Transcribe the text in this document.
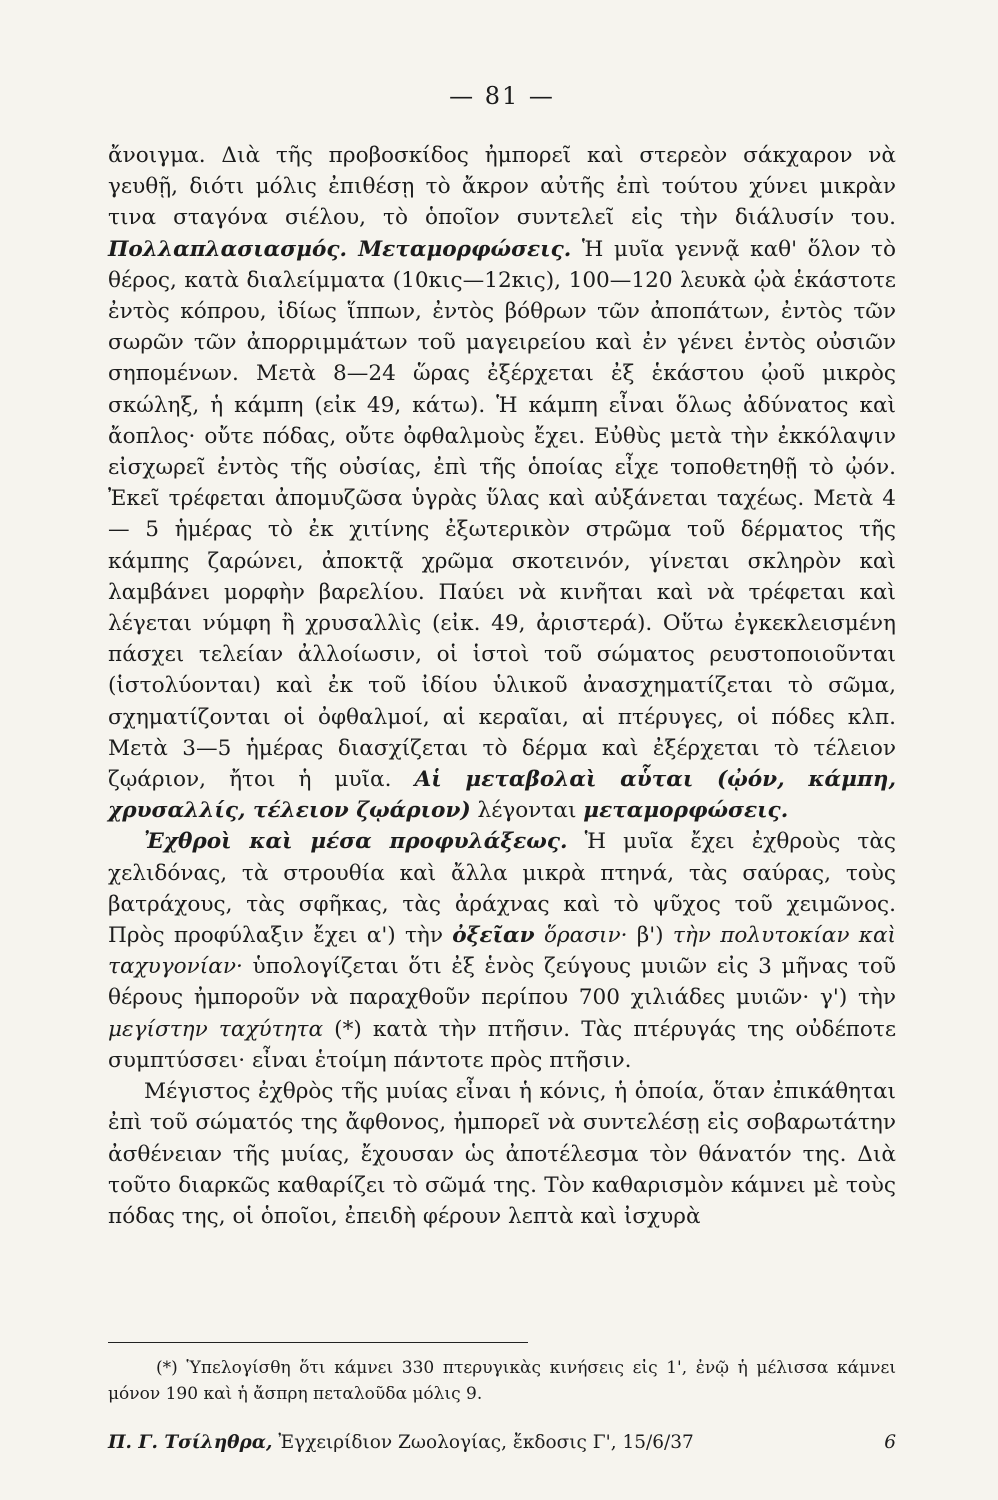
— 81 —

ἄνοιγμα. Διὰ τῆς προβοσκίδος ἠμπορεῖ καὶ στερεὸν σάκχαρον νὰ γευθῇ, διότι μόλις ἐπιθέσῃ τὸ ἄκρον αὐτῆς ἐπὶ τούτου χύνει μικρὰν τινα σταγόνα σιέλου, τὸ ὁποῖον συντελεῖ εἰς τὴν διάλυσίν του. Πολλαπλασιασμός. Μεταμορφώσεις. Ἡ μυῖα γεννᾷ καθ' ὅλον τὸ θέρος, κατὰ διαλείμματα (10κις—12κις), 100—120 λευκὰ ᾠὰ ἑκάστοτε ἐντὸς κόπρου, ἰδίως ἵππων, ἐντὸς βόθρων τῶν ἀποπάτων, ἐντὸς τῶν σωρῶν τῶν ἀπορριμμάτων τοῦ μαγειρείου καὶ ἐν γένει ἐντὸς οὐσιῶν σηπομένων. Μετὰ 8—24 ὥρας ἐξέρχεται ἐξ ἑκάστου ᾠοῦ μικρὸς σκώληξ, ἡ κάμπη (εἰκ 49, κάτω). Ἡ κάμπη εἶναι ὅλως ἀδύνατος καὶ ἄοπλος· οὔτε πόδας, οὔτε ὀφθαλμοὺς ἔχει. Εὐθὺς μετὰ τὴν ἐκκόλαψιν εἰσχωρεῖ ἐντὸς τῆς οὐσίας, ἐπὶ τῆς ὁποίας εἶχε τοποθετηθῇ τὸ ᾠόν. Ἐκεῖ τρέφεται ἀπομυζῶσα ὑγρὰς ὕλας καὶ αὐξάνεται ταχέως. Μετὰ 4 — 5 ἡμέρας τὸ ἐκ χιτίνης ἐξωτερικὸν στρῶμα τοῦ δέρματος τῆς κάμπης ζαρώνει, ἀποκτᾷ χρῶμα σκοτεινόν, γίνεται σκληρὸν καὶ λαμβάνει μορφὴν βαρελίου. Παύει νὰ κινῆται καὶ νὰ τρέφεται καὶ λέγεται νύμφη ἢ χρυσαλλὶς (εἰκ. 49, ἀριστερά). Οὕτω ἐγκεκλεισμένη πάσχει τελείαν ἀλλοίωσιν, οἱ ἱστοὶ τοῦ σώματος ρευστοποιοῦνται (ἱστολύονται) καὶ ἐκ τοῦ ἰδίου ὑλικοῦ ἀνασχηματίζεται τὸ σῶμα, σχηματίζονται οἱ ὀφθαλμοί, αἱ κεραῖαι, αἱ πτέρυγες, οἱ πόδες κλπ. Μετὰ 3—5 ἡμέρας διασχίζεται τὸ δέρμα καὶ ἐξέρχεται τὸ τέλειον ζῳάριον, ἤτοι ἡ μυῖα. Αἱ μεταβολαὶ αὗται (ᾠόν, κάμπη, χρυσαλλίς, τέλειον ζῳάριον) λέγονται μεταμορφώσεις.

Ἐχθροὶ καὶ μέσα προφυλάξεως. Ἡ μυῖα ἔχει ἐχθροὺς τὰς χελιδόνας, τὰ στρουθία καὶ ἄλλα μικρὰ πτηνά, τὰς σαύρας, τοὺς βατράχους, τὰς σφῆκας, τὰς ἀράχνας καὶ τὸ ψῦχος τοῦ χειμῶνος. Πρὸς προφύλαξιν ἔχει α') τὴν ὀξεῖαν ὅρασιν· β') τὴν πολυτοκίαν καὶ ταχυγονίαν· ὑπολογίζεται ὅτι ἐξ ἑνὸς ζεύγους μυιῶν εἰς 3 μῆνας τοῦ θέρους ἠμποροῦν νὰ παραχθοῦν περίπου 700 χιλιάδες μυιῶν· γ') τὴν μεγίστην ταχύτητα (*) κατὰ τὴν πτῆσιν. Τὰς πτέρυγάς της οὐδέποτε συμπτύσσει· εἶναι ἑτοίμη πάντοτε πρὸς πτῆσιν.

Μέγιστος ἐχθρὸς τῆς μυίας εἶναι ἡ κόνις, ἡ ὁποία, ὅταν ἐπικάθηται ἐπὶ τοῦ σώματός της ἄφθονος, ἠμπορεῖ νὰ συντελέσῃ εἰς σοβαρωτάτην ἀσθένειαν τῆς μυίας, ἔχουσαν ὡς ἀποτέλεσμα τὸν θάνατόν της. Διὰ τοῦτο διαρκῶς καθαρίζει τὸ σῶμά της. Τὸν καθαρισμὸν κάμνει μὲ τοὺς πόδας της, οἱ ὁποῖοι, ἐπειδὴ φέρουν λεπτὰ καὶ ἰσχυρὰ

(*) Ὑπελογίσθη ὅτι κάμνει 330 πτερυγικὰς κινήσεις εἰς 1', ἐνῷ ἡ μέλισσα κάμνει μόνον 190 καὶ ἡ ἄσπρη πεταλοῦδα μόλις 9.
Π. Γ. Τσίληθρα, Ἐγχειρίδιον Ζωολογίας, ἔκδοσις Γ', 15/6/37	6
